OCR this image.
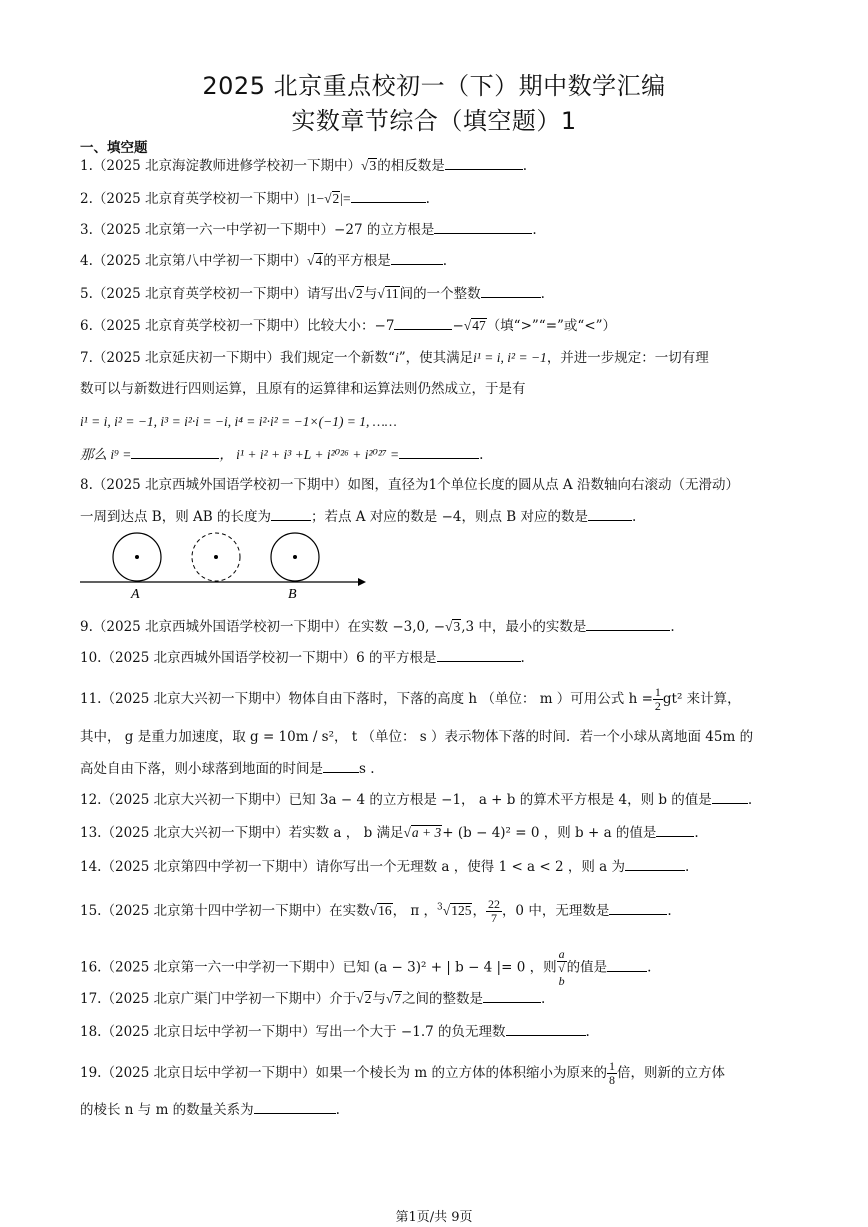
2025 北京重点校初一（下）期中数学汇编
实数章节综合（填空题）1
一、填空题
1.（2025 北京海淀教师进修学校初一下期中）√3的相反数是	.
2.（2025 北京育英学校初一下期中）|1−√2|=	.
3.（2025 北京第一六一中学初一下期中）−27 的立方根是	.
4.（2025 北京第八中学初一下期中）√4的平方根是	.
5.（2025 北京育英学校初一下期中）请写出√2与√11间的一个整数	.
6.（2025 北京育英学校初一下期中）比较大小：−7	−√47（填“>”“=”或“<”）
7.（2025 北京延庆初一下期中）我们规定一个新数“i”，使其满足i¹ = i, i² = −1，并进一步规定：一切有理
数可以与新数进行四则运算，且原有的运算律和运算法则仍然成立，于是有
i¹ = i, i² = −1, i³ = i²·i = −i, i⁴ = i²·i² = −1×(−1) = 1, ……
那么 i⁹ =	， i¹ + i² + i³ +L + i²⁰²⁶ + i²⁰²⁷ =	.
8.（2025 北京西城外国语学校初一下期中）如图，直径为1个单位长度的圆从点 A 沿数轴向右滚动（无滑动）
一周到达点 B，则 AB 的长度为	；若点 A 对应的数是 −4，则点 B 对应的数是	.
A	B
9.（2025 北京西城外国语学校初一下期中）在实数 −3,0, −√3,3 中，最小的实数是	.
10.（2025 北京西城外国语学校初一下期中）6 的平方根是	.
11.（2025 北京大兴初一下期中）物体自由下落时，下落的高度 h （单位： m ）可用公式 $h = \frac{1}{2} gt^2$ 来计算，
其中， g 是重力加速度，取 g = 10m / s²， t （单位： s ）表示物体下落的时间．若一个小球从离地面 45m 的
高处自由下落，则小球落到地面的时间是	s .
12.（2025 北京大兴初一下期中）已知 3a − 4 的立方根是 −1， a + b 的算术平方根是 4，则 b 的值是	.
13.（2025 北京大兴初一下期中）若实数 a ， b 满足√a + 3+ (b − 4)² = 0 ，则 b + a 的值是	.
14.（2025 北京第四中学初一下期中）请你写出一个无理数 a ，使得 1 < a < 2 ，则 a 为	.
15.（2025 北京第十四中学初一下期中）在实数√16， π ，$^3$√125， $\frac{22}{7}$ ，0 中，无理数是	.
16.（2025 北京第一六一中学初一下期中）已知 (a − 3)² + | b − 4 |= 0 ，则 a
√
b 的值是	.
17.（2025 北京广渠门中学初一下期中）介于√2与√7之间的整数是	.
18.（2025 北京日坛中学初一下期中）写出一个大于 −1.7 的负无理数	.
19.（2025 北京日坛中学初一下期中）如果一个棱长为 m 的立方体的体积缩小为原来的 $\frac{1}{8}$ 倍，则新的立方体
的棱长 n 与 m 的数量关系为	.
第1页/共 9页
